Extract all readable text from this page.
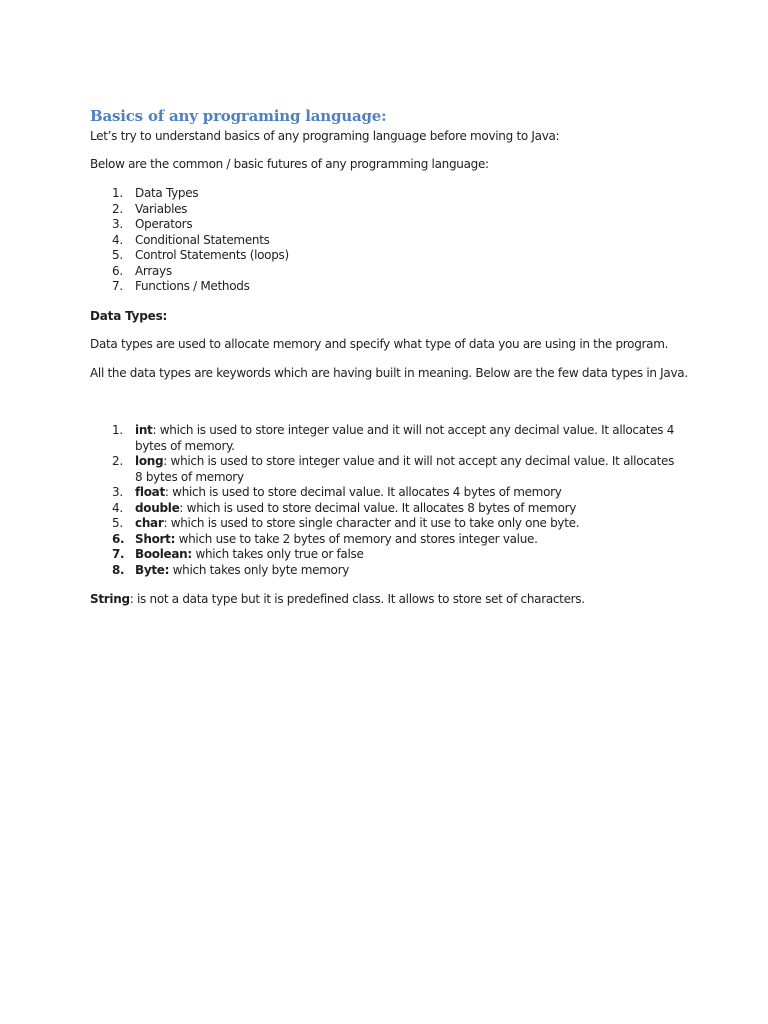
Basics of any programing language:

Let’s try to understand basics of any programing language before moving to Java:

Below are the common / basic futures of any programming language:

1. Data Types
2. Variables
3. Operators
4. Conditional Statements
5. Control Statements (loops)
6. Arrays
7. Functions / Methods
Data Types:

Data types are used to allocate memory and specify what type of data you are using in the program.

All the data types are keywords which are having built in meaning. Below are the few data types in Java.

1. int: which is used to store integer value and it will not accept any decimal value. It allocates 4 bytes of memory.
2. long: which is used to store integer value and it will not accept any decimal value. It allocates 8 bytes of memory
3. float: which is used to store decimal value. It allocates 4 bytes of memory
4. double: which is used to store decimal value. It allocates 8 bytes of memory
5. char: which is used to store single character and it use to take only one byte.
6. Short: which use to take 2 bytes of memory and stores integer value.
7. Boolean: which takes only true or false
8. Byte: which takes only byte memory

String: is not a data type but it is predefined class. It allows to store set of characters.
